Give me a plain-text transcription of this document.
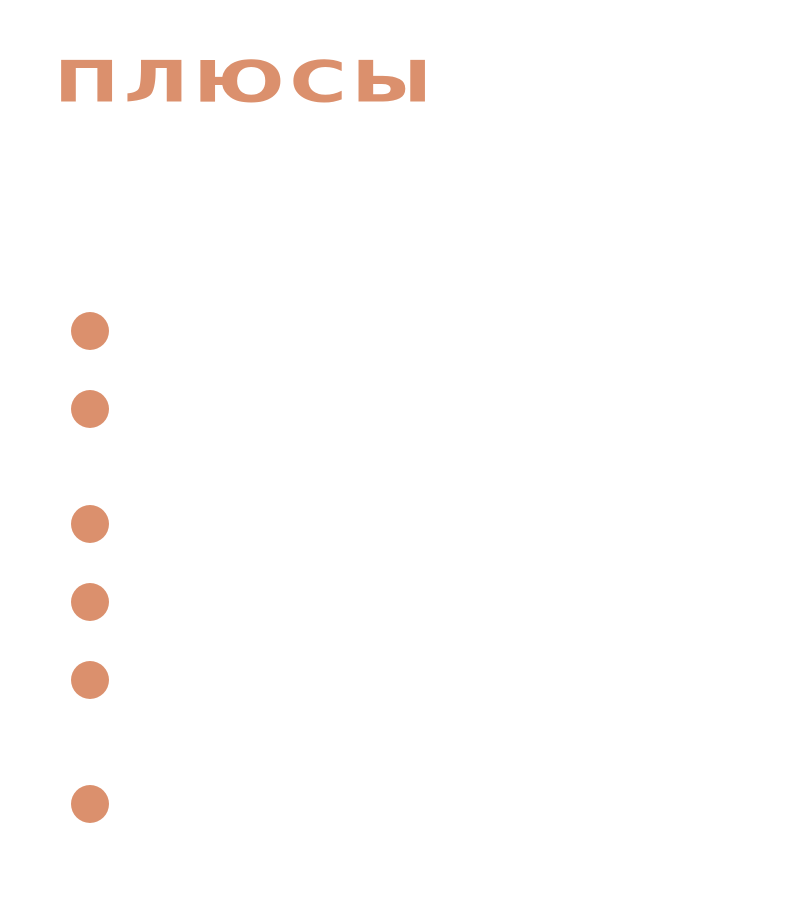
ПЛЮСЫ
